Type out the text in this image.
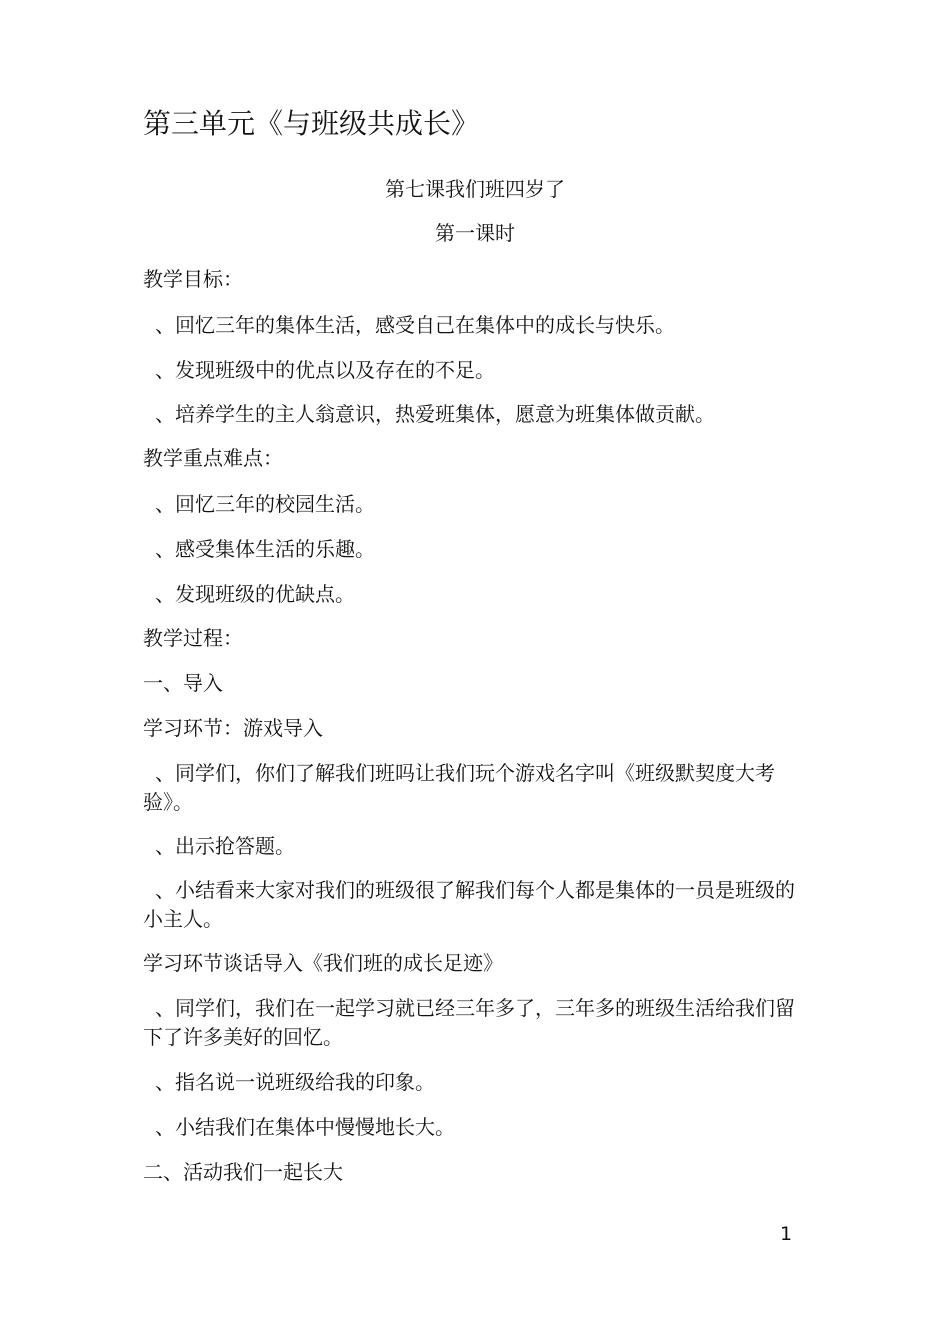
第三单元《与班级共成长》
第七课我们班四岁了
第一课时
教学目标：
、回忆三年的集体生活，感受自己在集体中的成长与快乐。
、发现班级中的优点以及存在的不足。
、培养学生的主人翁意识，热爱班集体，愿意为班集体做贡献。
教学重点难点：
、回忆三年的校园生活。
、感受集体生活的乐趣。
、发现班级的优缺点。
教学过程：
一、导入
学习环节：游戏导入
、同学们，你们了解我们班吗让我们玩个游戏名字叫《班级默契度大考验》。
、出示抢答题。
、小结看来大家对我们的班级很了解我们每个人都是集体的一员是班级的小主人。
学习环节谈话导入《我们班的成长足迹》
、同学们，我们在一起学习就已经三年多了，三年多的班级生活给我们留下了许多美好的回忆。
、指名说一说班级给我的印象。
、小结我们在集体中慢慢地长大。
二、活动我们一起长大
1
